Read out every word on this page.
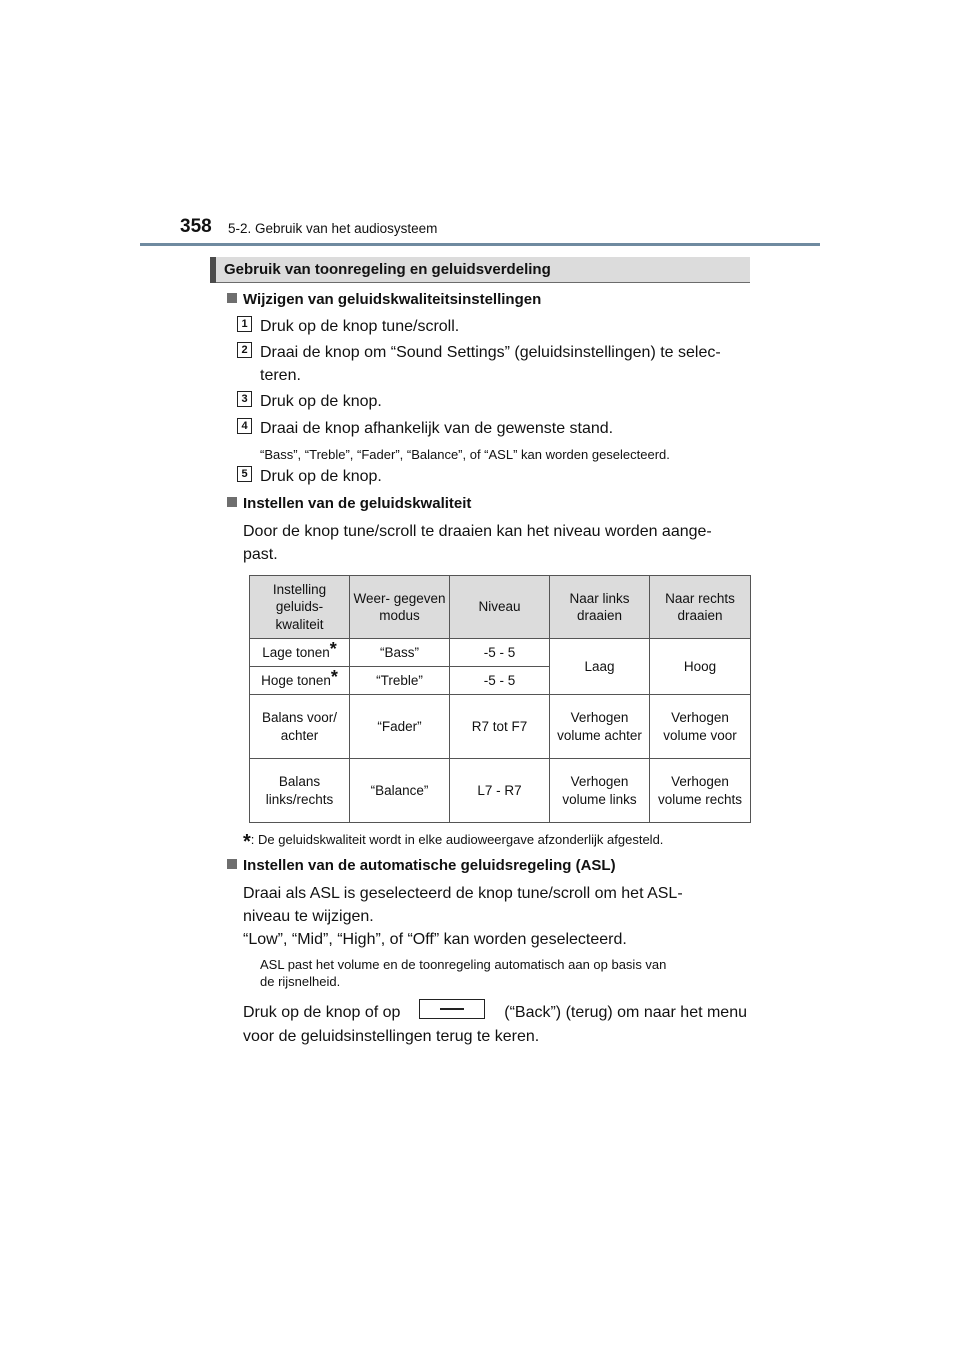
358 5-2. Gebruik van het audiosysteem
Gebruik van toonregeling en geluidsverdeling
Wijzigen van geluidskwaliteitsinstellingen
1 Druk op de knop tune/scroll.
2 Draai de knop om “Sound Settings” (geluidsinstellingen) te selec-
teren.
3 Druk op de knop.
4 Draai de knop afhankelijk van de gewenste stand.
“Bass”, “Treble”, “Fader”, “Balance”, of “ASL” kan worden geselecteerd.
5 Druk op de knop.
Instellen van de geluidskwaliteit
Door de knop tune/scroll te draaien kan het niveau worden aange-
past.
Instelling geluids- kwaliteit	Weer- gegeven modus	Niveau	Naar links draaien	Naar rechts draaien
Lage tonen*	“Bass”	-5 - 5	Laag	Hoog
Hoge tonen*	“Treble”	-5 - 5		
Balans voor/ achter	“Fader”	R7 tot F7	Verhogen volume achter	Verhogen volume voor
Balans links/rechts	“Balance”	L7 - R7	Verhogen volume links	Verhogen volume rechts
*: De geluidskwaliteit wordt in elke audioweergave afzonderlijk afgesteld.
Instellen van de automatische geluidsregeling (ASL)
Draai als ASL is geselecteerd de knop tune/scroll om het ASL-
niveau te wijzigen.
“Low”, “Mid”, “High”, of “Off” kan worden geselecteerd.
ASL past het volume en de toonregeling automatisch aan op basis van
de rijsnelheid.
Druk op de knop of op	(“Back”) (terug) om naar het menu
voor de geluidsinstellingen terug te keren.
